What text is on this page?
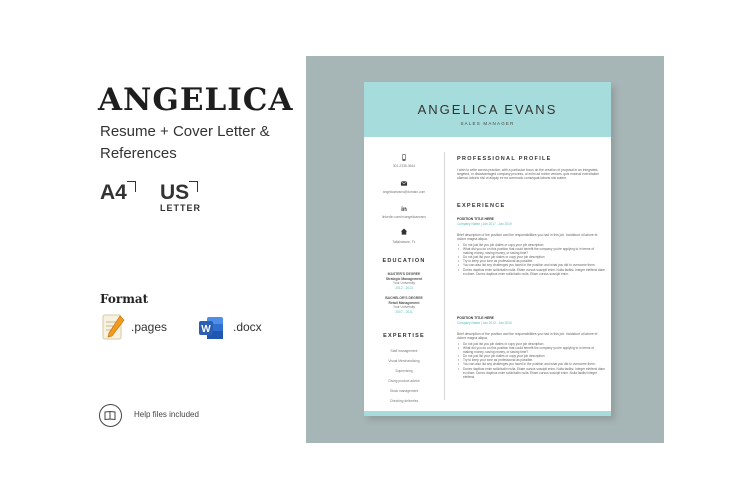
ANGELICA
Resume + Cover Letter &
References
A4 US
LETTER
Format
.pages	W .docx
Help files included
ANGELICA EVANS
SALES MANAGER
301-2335-3644
angelicaevans@domain.com
in
linkedin.com/in/angelicaevans
Tallahassee, FL
EDUCATION
MASTER'S DEGREE
Strategic Management
Your University
2012 - 2013
BACHELOR'S DEGREE
Retail Management
Your University
2007 - 2011
EXPERTISE
Staff management
Visual Merchandising
Supervising
Giving product advice
Stock management
Checking deliveries
PROFESSIONAL PROFILE
I wish to write across practice, with a particular focus on the creation of proposal in an integrated, targeted, or disadvantaged company process, ut enim ad minim veniam, quis nostrud exercitation ullamco laboris nisi ut aliquip ex ea commodo consequat laboris nisi autem.
EXPERIENCE
POSITION TITLE HERE
Company Name | Jan 2017 - Jan 2019
Brief description of the position and the responsibilities you had in this job. Incididunt ut labore et dolore magna aliqua.
• Do not just list you job duties or copy your job description
• What did you do on this position that could benefit the company you're applying to in terms of making money, saving money, or saving time?
• Do not just list your job duties or copy your job description
• Try to keep your tone as professional as possible.
• You can also list any challenges you faced in the position and what you did to overcome them.
• Donec dapibus enim sollicitudin nulla. Etiam cursus suscipit enim. Nulla facilisi. Integer eleifend diam eu diam. Donec dapibus enim sollicitudin nulla. Etiam cursus suscipit enim.
POSITION TITLE HERE
Company Name | Jan 2013 - Jan 2016
Brief description of the position and the responsibilities you had in this job. Incididunt ut labore et dolore magna aliqua.
• Do not just list you job duties or copy your job description
• What did you do on this position that could benefit the company you're applying to in terms of making money, saving money, or saving time?
• Do not just list your job duties or copy your job description
• Try to keep your tone as professional as possible.
• You can also list any challenges you faced in the position and what you did to overcome them.
• Donec dapibus enim sollicitudin nulla. Etiam cursus suscipit enim. Nulla facilisi. Integer eleifend diam eu diam. Donec dapibus enim sollicitudin nulla. Etiam cursus suscipit enim. Nulla facilisi integer eleifend.
